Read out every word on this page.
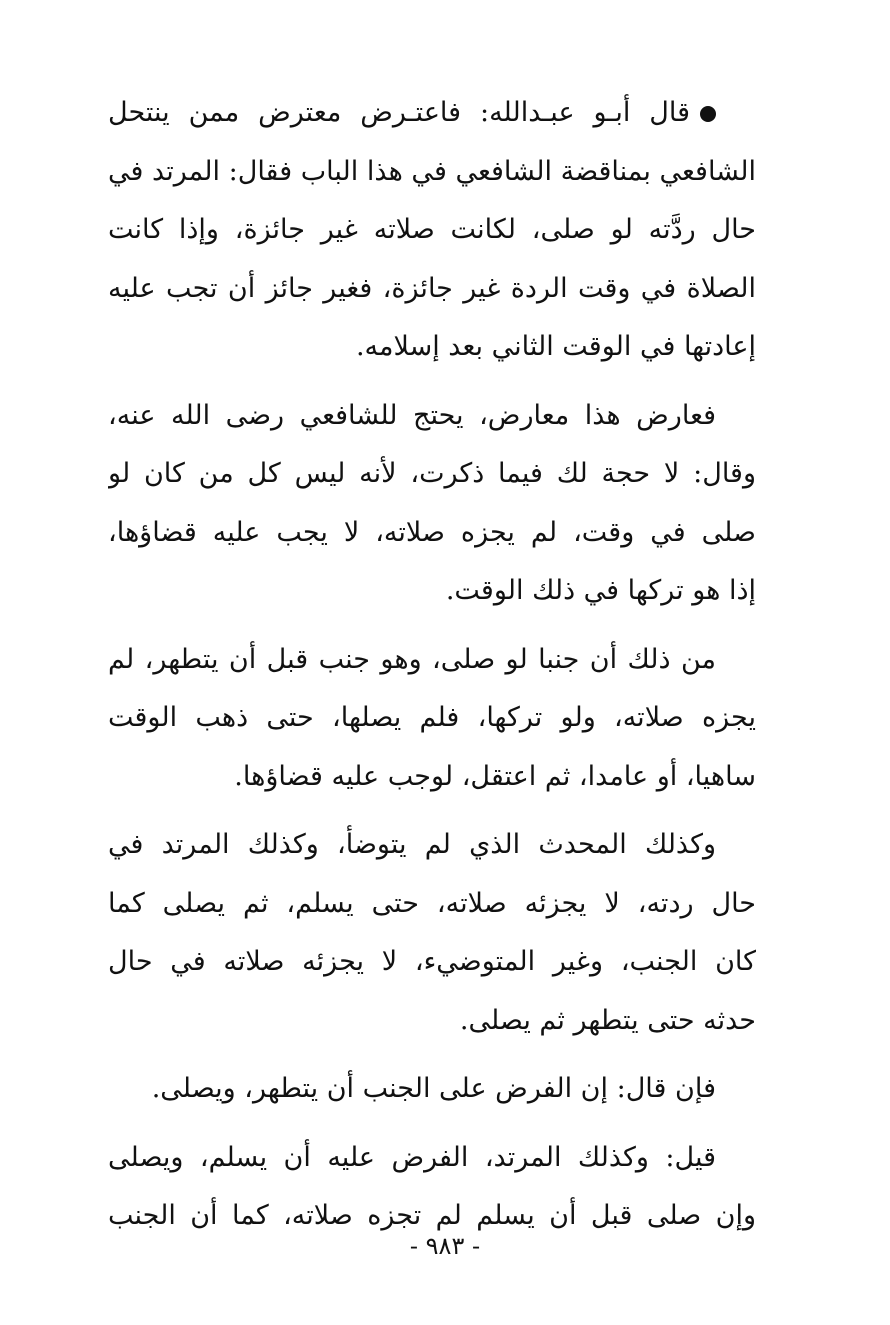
قال أبـو عبـدالله: فاعتـرض معترض ممن ينتحل
الشافعي بمناقضة الشافعي في هذا الباب فقال: المرتد في
حال ردَّته لو صلى، لكانت صلاته غير جائزة، وإذا كانت
الصلاة في وقت الردة غير جائزة، فغير جائز أن تجب عليه
إعادتها في الوقت الثاني بعد إسلامه.
فعارض هذا معارض، يحتج للشافعي رضى الله عنه،
وقال: لا حجة لك فيما ذكرت، لأنه ليس كل من كان لو
صلى في وقت، لم يجزه صلاته، لا يجب عليه قضاؤها،
إذا هو تركها في ذلك الوقت.
من ذلك أن جنبا لو صلى، وهو جنب قبل أن يتطهر، لم
يجزه صلاته، ولو تركها، فلم يصلها، حتى ذهب الوقت
ساهيا، أو عامدا، ثم اعتقل، لوجب عليه قضاؤها.
وكذلك المحدث الذي لم يتوضأ، وكذلك المرتد في
حال ردته، لا يجزئه صلاته، حتى يسلم، ثم يصلى كما
كان الجنب، وغير المتوضيء، لا يجزئه صلاته في حال
حدثه حتى يتطهر ثم يصلى.
فإن قال: إن الفرض على الجنب أن يتطهر، ويصلى.
قيل: وكذلك المرتد، الفرض عليه أن يسلم، ويصلى
وإن صلى قبل أن يسلم لم تجزه صلاته، كما أن الجنب
- ٩٨٣ -
